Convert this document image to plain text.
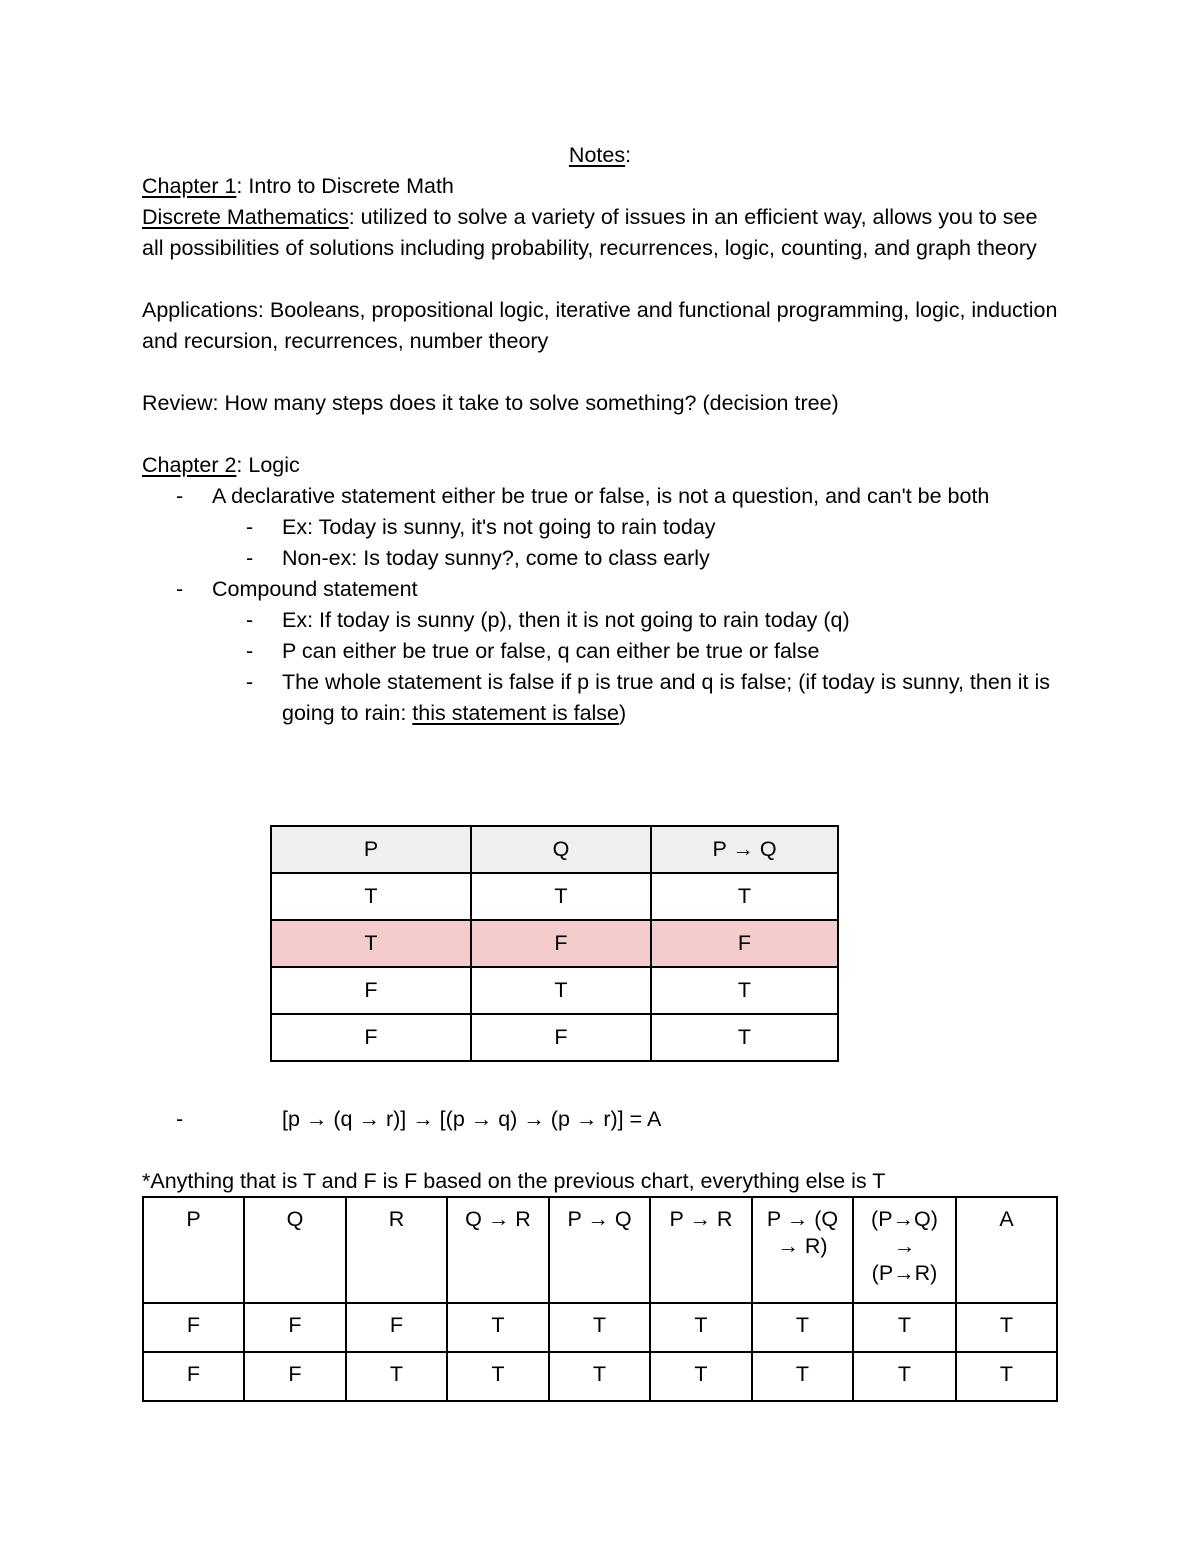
Notes:

Chapter 1: Intro to Discrete Math

Discrete Mathematics: utilized to solve a variety of issues in an efficient way, allows you to see all possibilities of solutions including probability, recurrences, logic, counting, and graph theory

Applications: Booleans, propositional logic, iterative and functional programming, logic, induction and recursion, recurrences, number theory

Review: How many steps does it take to solve something? (decision tree)

Chapter 2: Logic

- A declarative statement either be true or false, is not a question, and can't be both
- Ex: Today is sunny, it's not going to rain today
- Non-ex: Is today sunny?, come to class early
- Compound statement
- Ex: If today is sunny (p), then it is not going to rain today (q)
- P can either be true or false, q can either be true or false
- The whole statement is false if p is true and q is false; (if today is sunny, then it is going to rain: this statement is false)
P	Q	P → Q
T	T	T
T	F	F
F	T	T
F	F	T
- [p → (q → r)] → [(p → q) → (p → r)] = A

*Anything that is T and F is F based on the previous chart, everything else is T

P	Q	R	Q → R	P → Q	P → R	P → (Q → R)	(P→Q) → (P→R)	A
F	F	F	T	T	T	T	T	T
F	F	T	T	T	T	T	T	T
